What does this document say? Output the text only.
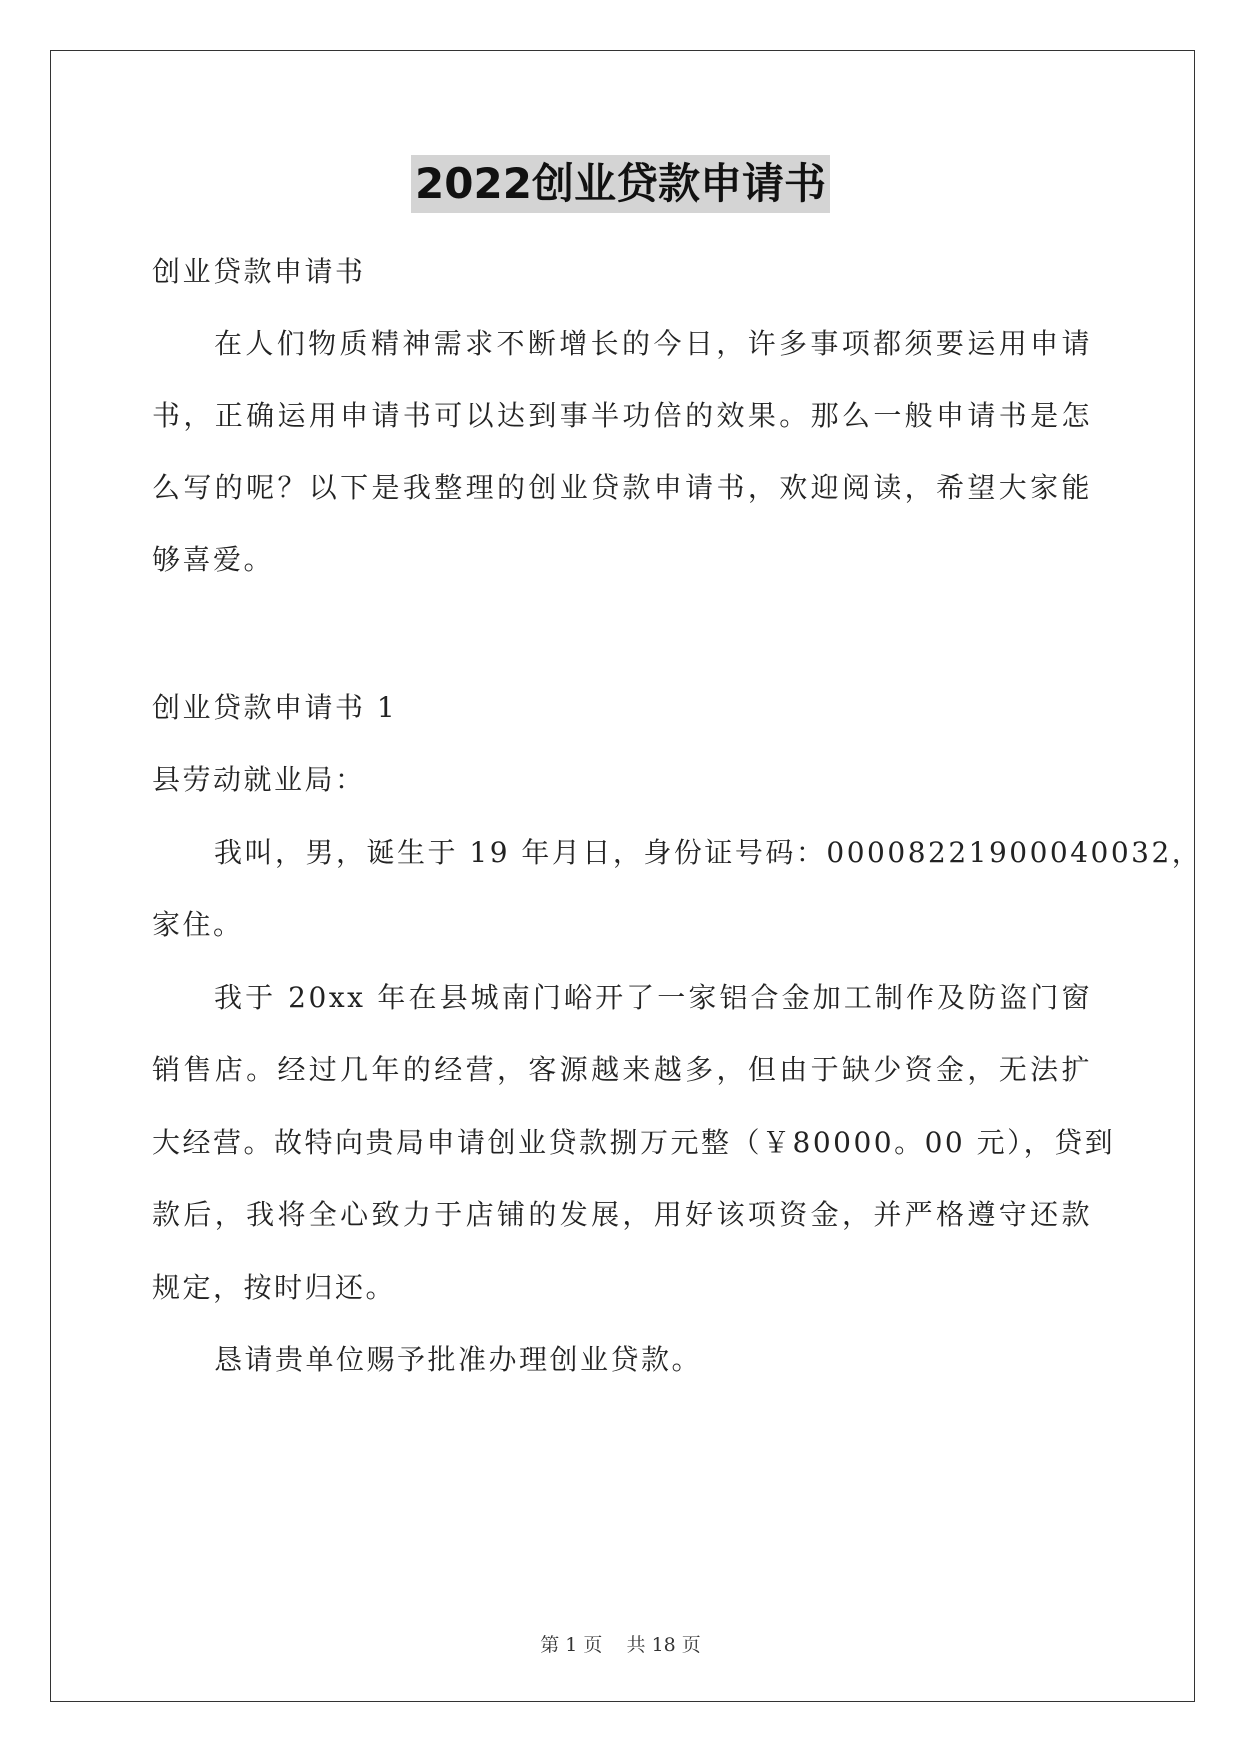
2022创业贷款申请书
创业贷款申请书
在人们物质精神需求不断增长的今日，许多事项都须要运用申请
书，正确运用申请书可以达到事半功倍的效果。那么一般申请书是怎
么写的呢？以下是我整理的创业贷款申请书，欢迎阅读，希望大家能
够喜爱。
创业贷款申请书 1
县劳动就业局：
我叫，男，诞生于 19 年月日，身份证号码：00008221900040032，
家住。
我于 20xx 年在县城南门峪开了一家铝合金加工制作及防盗门窗
销售店。经过几年的经营，客源越来越多，但由于缺少资金，无法扩
大经营。故特向贵局申请创业贷款捌万元整（￥80000。00 元），贷到
款后，我将全心致力于店铺的发展，用好该项资金，并严格遵守还款
规定，按时归还。
恳请贵单位赐予批准办理创业贷款。
第 1 页 共 18 页
